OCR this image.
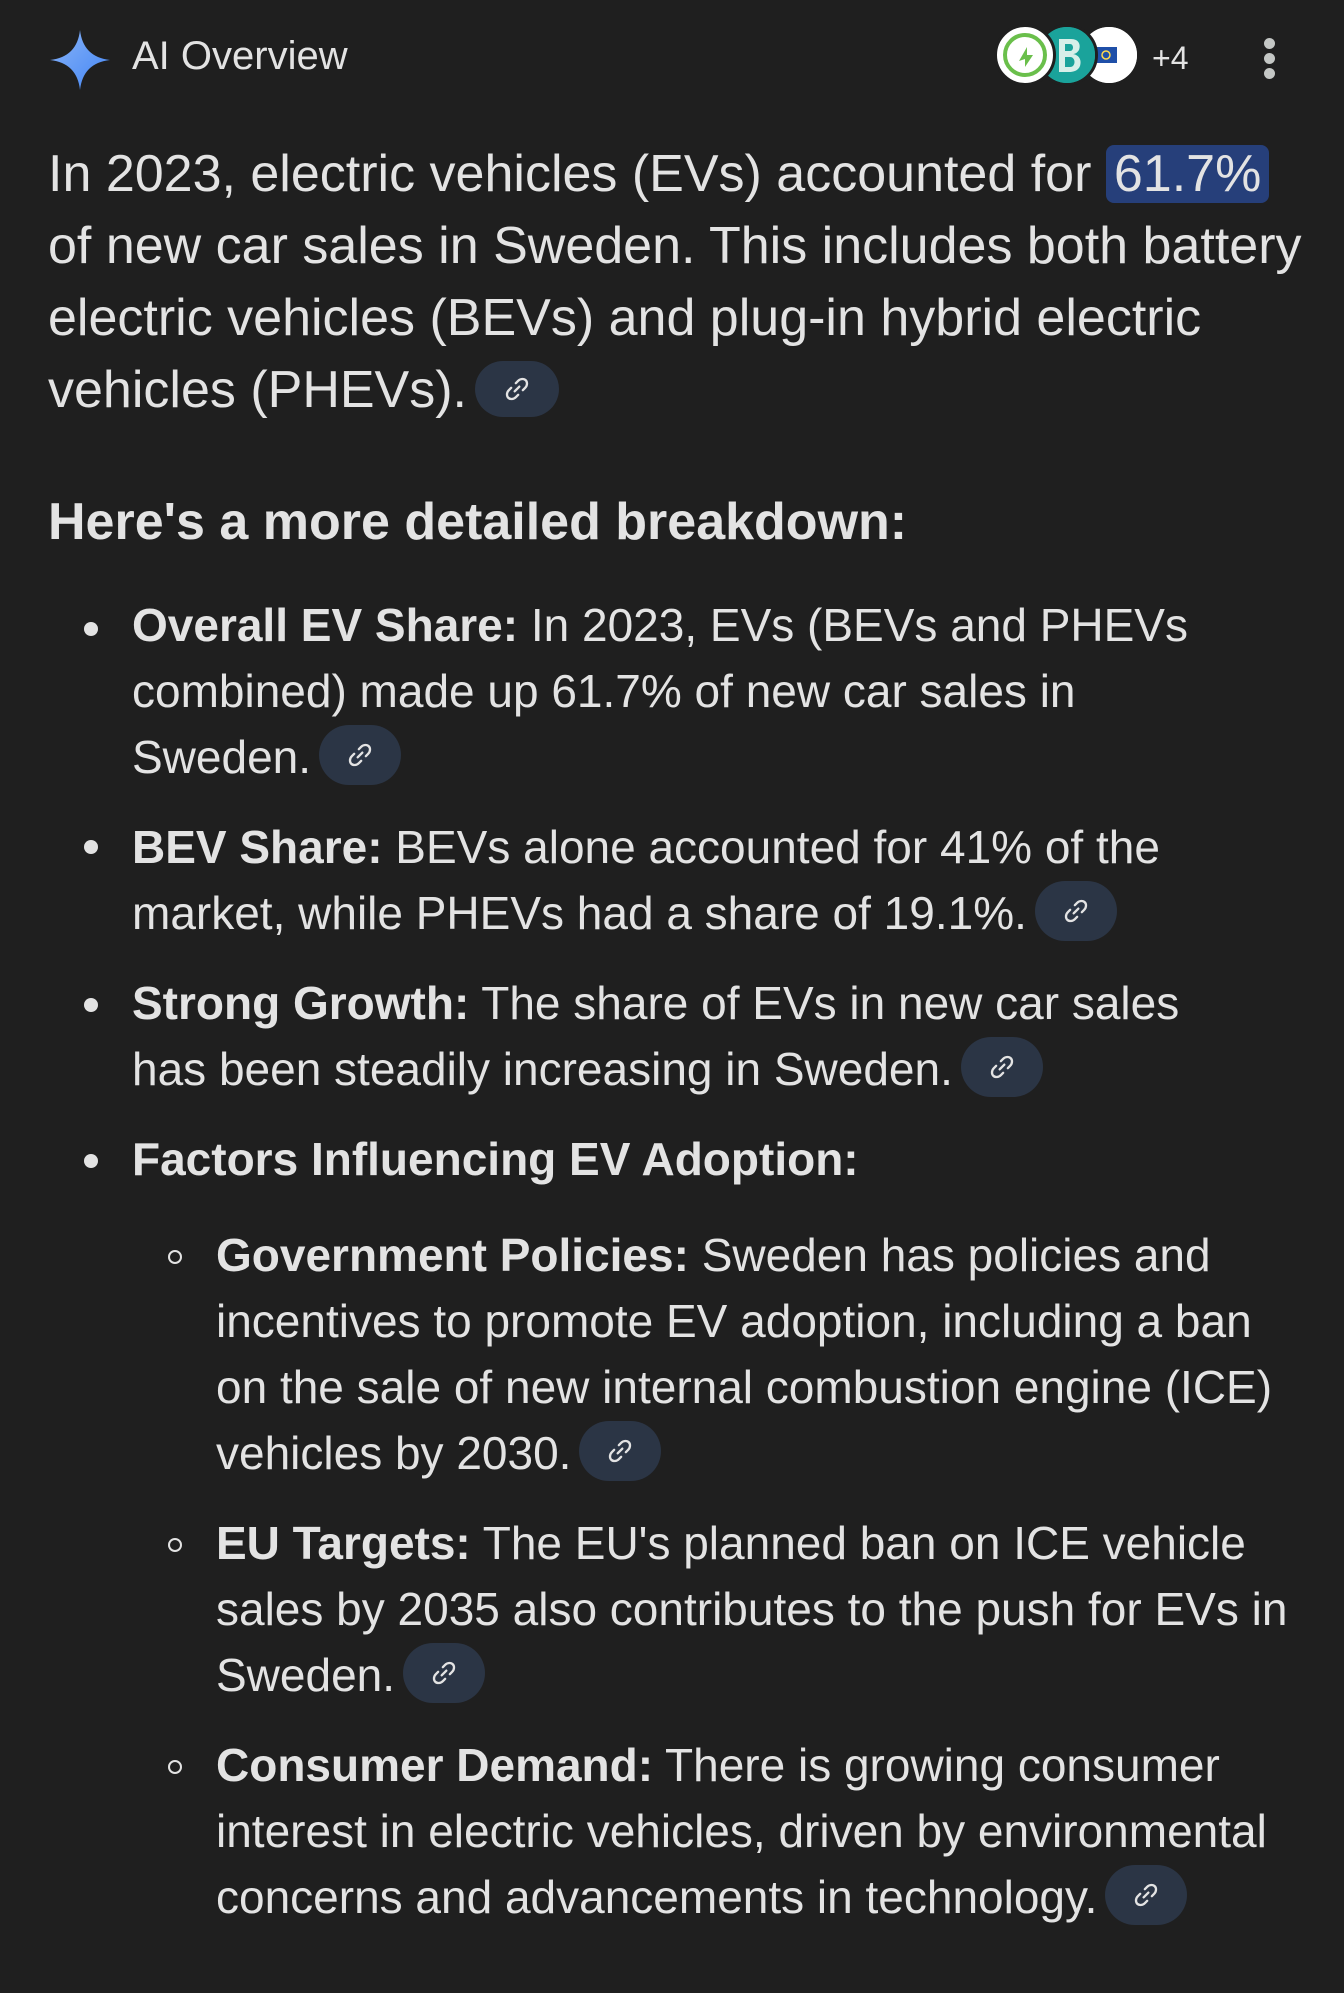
AI Overview	+4

In 2023, electric vehicles (EVs) accounted for 61.7% of new car sales in Sweden. This includes both battery electric vehicles (BEVs) and plug-in hybrid electric vehicles (PHEVs).

Here's a more detailed breakdown:
Overall EV Share: In 2023, EVs (BEVs and PHEVs combined) made up 61.7% of new car sales in Sweden.
BEV Share: BEVs alone accounted for 41% of the market, while PHEVs had a share of 19.1%.
Strong Growth: The share of EVs in new car sales has been steadily increasing in Sweden.
Factors Influencing EV Adoption:
Government Policies: Sweden has policies and incentives to promote EV adoption, including a ban on the sale of new internal combustion engine (ICE) vehicles by 2030.
EU Targets: The EU's planned ban on ICE vehicle sales by 2035 also contributes to the push for EVs in Sweden.
Consumer Demand: There is growing consumer interest in electric vehicles, driven by environmental concerns and advancements in technology.
